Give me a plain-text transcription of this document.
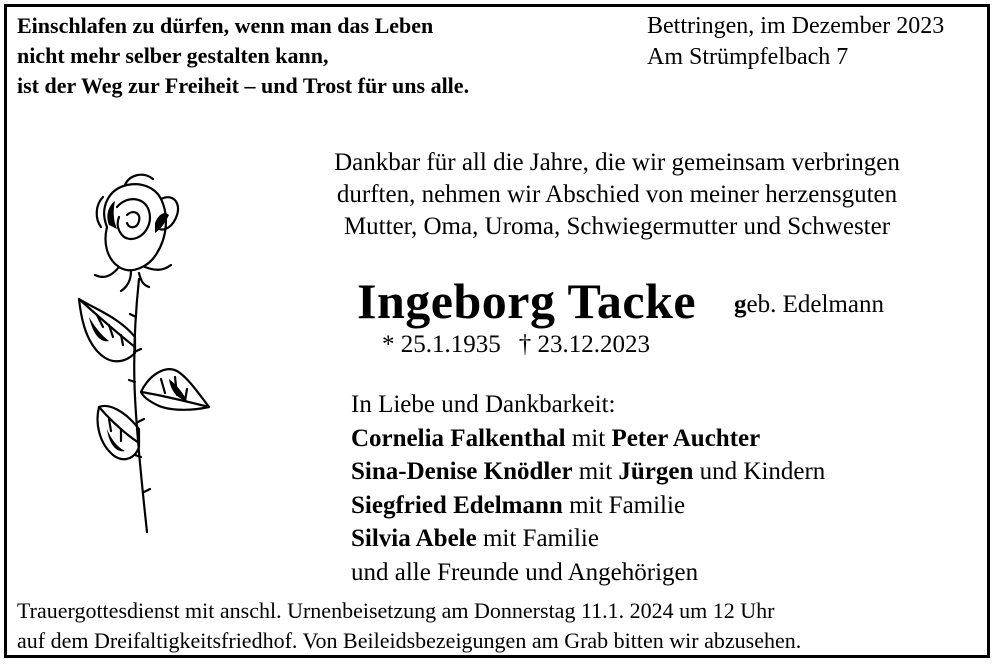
Einschlafen zu dürfen, wenn man das Leben
nicht mehr selber gestalten kann,
ist der Weg zur Freiheit – und Trost für uns alle.
Bettringen, im Dezember 2023
Am Strümpfelbach 7
Dankbar für all die Jahre, die wir gemeinsam verbringen
durften, nehmen wir Abschied von meiner herzensguten
Mutter, Oma, Uroma, Schwiegermutter und Schwester
Ingeborg Tacke geb. Edelmann
* 25.1.1935 † 23.12.2023
In Liebe und Dankbarkeit:
Cornelia Falkenthal mit Peter Auchter
Sina-Denise Knödler mit Jürgen und Kindern
Siegfried Edelmann mit Familie
Silvia Abele mit Familie
und alle Freunde und Angehörigen
Trauergottesdienst mit anschl. Urnenbeisetzung am Donnerstag 11.1. 2024 um 12 Uhr
auf dem Dreifaltigkeitsfriedhof. Von Beileidsbezeigungen am Grab bitten wir abzusehen.
